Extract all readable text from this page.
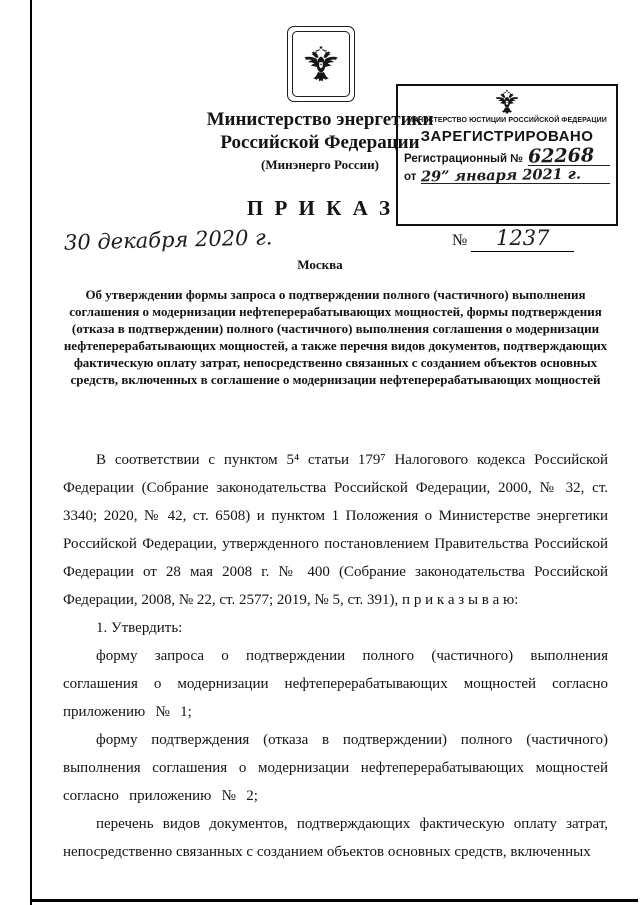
Министерство энергетики
Российской Федерации
(Минэнерго России)
МИНИСТЕРСТВО ЮСТИЦИИ РОССИЙСКОЙ ФЕДЕРАЦИИ
ЗАРЕГИСТРИРОВАНО
Регистрационный № 62268
от 29” января 2021 г.
П Р И К А З
30 декабря 2020 г.	№ 1237
Москва
Об утверждении формы запроса о подтверждении полного (частичного) выполнения соглашения о модернизации нефтеперерабатывающих мощностей, формы подтверждения (отказа в подтверждении) полного (частичного) выполнения соглашения о модернизации нефтеперерабатывающих мощностей, а также перечня видов документов, подтверждающих фактическую оплату затрат, непосредственно связанных с созданием объектов основных средств, включенных в соглашение о модернизации нефтеперерабатывающих мощностей

В соответствии с пунктом 5⁴ статьи 179⁷ Налогового кодекса Российской Федерации (Собрание законодательства Российской Федерации, 2000, № 32, ст. 3340; 2020, № 42, ст. 6508) и пунктом 1 Положения о Министерстве энергетики Российской Федерации, утвержденного постановлением Правительства Российской Федерации от 28 мая 2008 г. № 400 (Собрание законодательства Российской Федерации, 2008, № 22, ст. 2577; 2019, № 5, ст. 391), п р и к а з ы в а ю:

1. Утвердить:

форму запроса о подтверждении полного (частичного) выполнения соглашения о модернизации нефтеперерабатывающих мощностей согласно приложению № 1;

форму подтверждения (отказа в подтверждении) полного (частичного) выполнения соглашения о модернизации нефтеперерабатывающих мощностей согласно приложению № 2;

перечень видов документов, подтверждающих фактическую оплату затрат, непосредственно связанных с созданием объектов основных средств, включенных
